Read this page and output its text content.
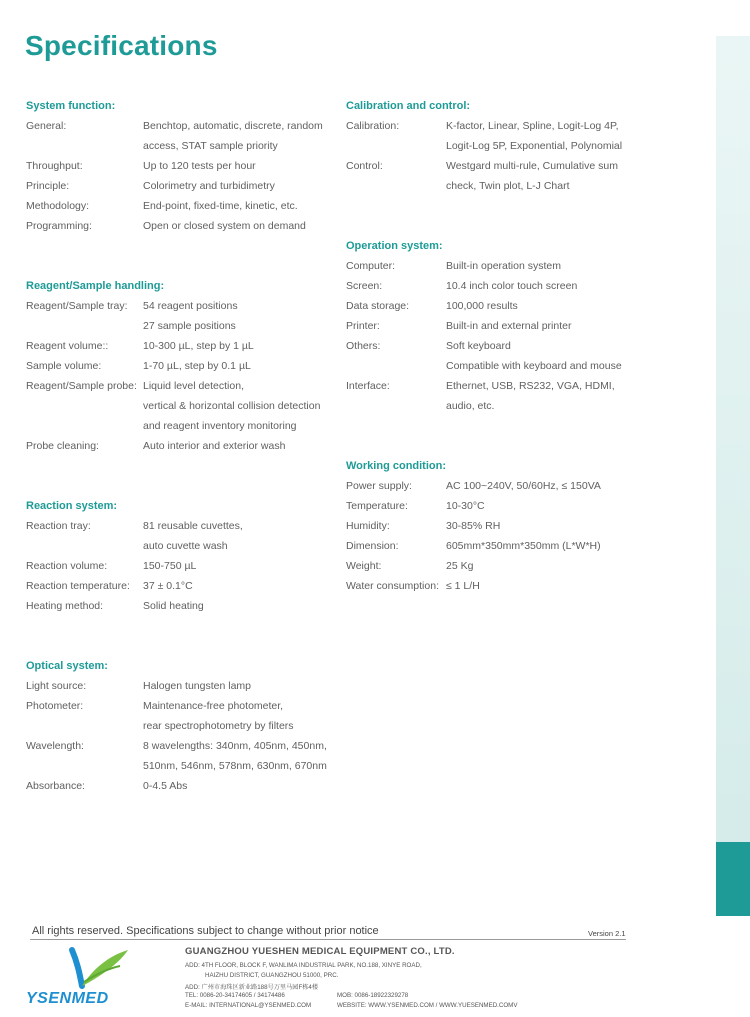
Specifications
System function:
General:	Benchtop, automatic, discrete, random
access, STAT sample priority
Throughput:	Up to 120 tests per hour
Principle:	Colorimetry and turbidimetry
Methodology:	End-point, fixed-time, kinetic, etc.
Programming:	Open or closed system on demand
Reagent/Sample handling:
Reagent/Sample tray:	54 reagent positions
27 sample positions
Reagent volume::	10-300 µL, step by 1 µL
Sample volume:	1-70 µL, step by 0.1 µL
Reagent/Sample probe: Liquid level detection,
vertical & horizontal collision detection
and reagent inventory monitoring
Probe cleaning:	Auto interior and exterior wash
Reaction system:
Reaction tray:	81 reusable cuvettes,
auto cuvette wash
Reaction volume:	150-750 µL
Reaction temperature:	37 ± 0.1°C
Heating method:	Solid heating
Optical system:
Light source:	Halogen tungsten lamp
Photometer:	Maintenance-free photometer,
rear spectrophotometry by filters
Wavelength:	8 wavelengths: 340nm, 405nm, 450nm,
510nm, 546nm, 578nm, 630nm, 670nm
Absorbance:	0-4.5 Abs
Calibration and control:
Calibration:	K-factor, Linear, Spline, Logit-Log 4P,
Logit-Log 5P, Exponential, Polynomial
Control:	Westgard multi-rule, Cumulative sum
check, Twin plot, L-J Chart
Operation system:
Computer:	Built-in operation system
Screen:	10.4 inch color touch screen
Data storage:	100,000 results
Printer:	Built-in and external printer
Others:	Soft keyboard
Compatible with keyboard and mouse
Interface:	Ethernet, USB, RS232, VGA, HDMI,
audio, etc.
Working condition:
Power supply:	AC 100~240V, 50/60Hz, ≤ 150VA
Temperature:	10-30°C
Humidity:	30-85% RH
Dimension:	605mm*350mm*350mm (L*W*H)
Weight:	25 Kg
Water consumption: ≤ 1 L/H
All rights reserved. Specifications subject to change without prior notice	Version 2.1
YSENMED
GUANGZHOU YUESHEN MEDICAL EQUIPMENT CO., LTD.
ADD: 4TH FLOOR, BLOCK F, WANLIMA INDUSTRIAL PARK, NO.188, XINYE ROAD,
HAIZHU DISTRICT, GUANGZHOU 51000, PRC.
ADD: 广州市海珠区新业路188号万里马园F栋4楼
TEL: 0086-20-34174605 / 34174486	MOB: 0086-18922329278
E-MAIL: INTERNATIONAL@YSENMED.COM	WEBSITE: WWW.YSENMED.COM / WWW.YUESENMED.COMV
